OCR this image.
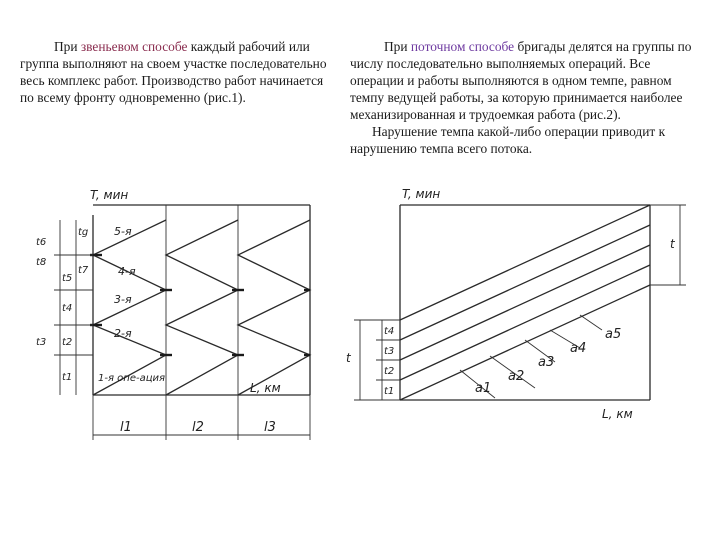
При звеньевом способе каждый рабочий или группа выполняют на своем участке последовательно весь комплекс работ. Производство работ начинается по всему фронту одновременно (рис.1).

При поточном способе бригады делятся на группы по числу последовательно выполняемых операций. Все операции и работы выполняются в одном темпе, равном темпу ведущей работы, за которую принимается наиболее механизированная и трудоемкая работа (рис.2).
Нарушение темпа какой-либо операции приводит к нарушению темпа всего потока.

T, мин
L, км
l1	l2	l3
5-я
4-я
3-я
2-я
1-я опе-ация
t5
t4
t2
t1
t8
t3
tg
t6
t7
T, мин
L, км
t
t
t4
t3
t2
t1
a5
a4
a3
a2
a1
